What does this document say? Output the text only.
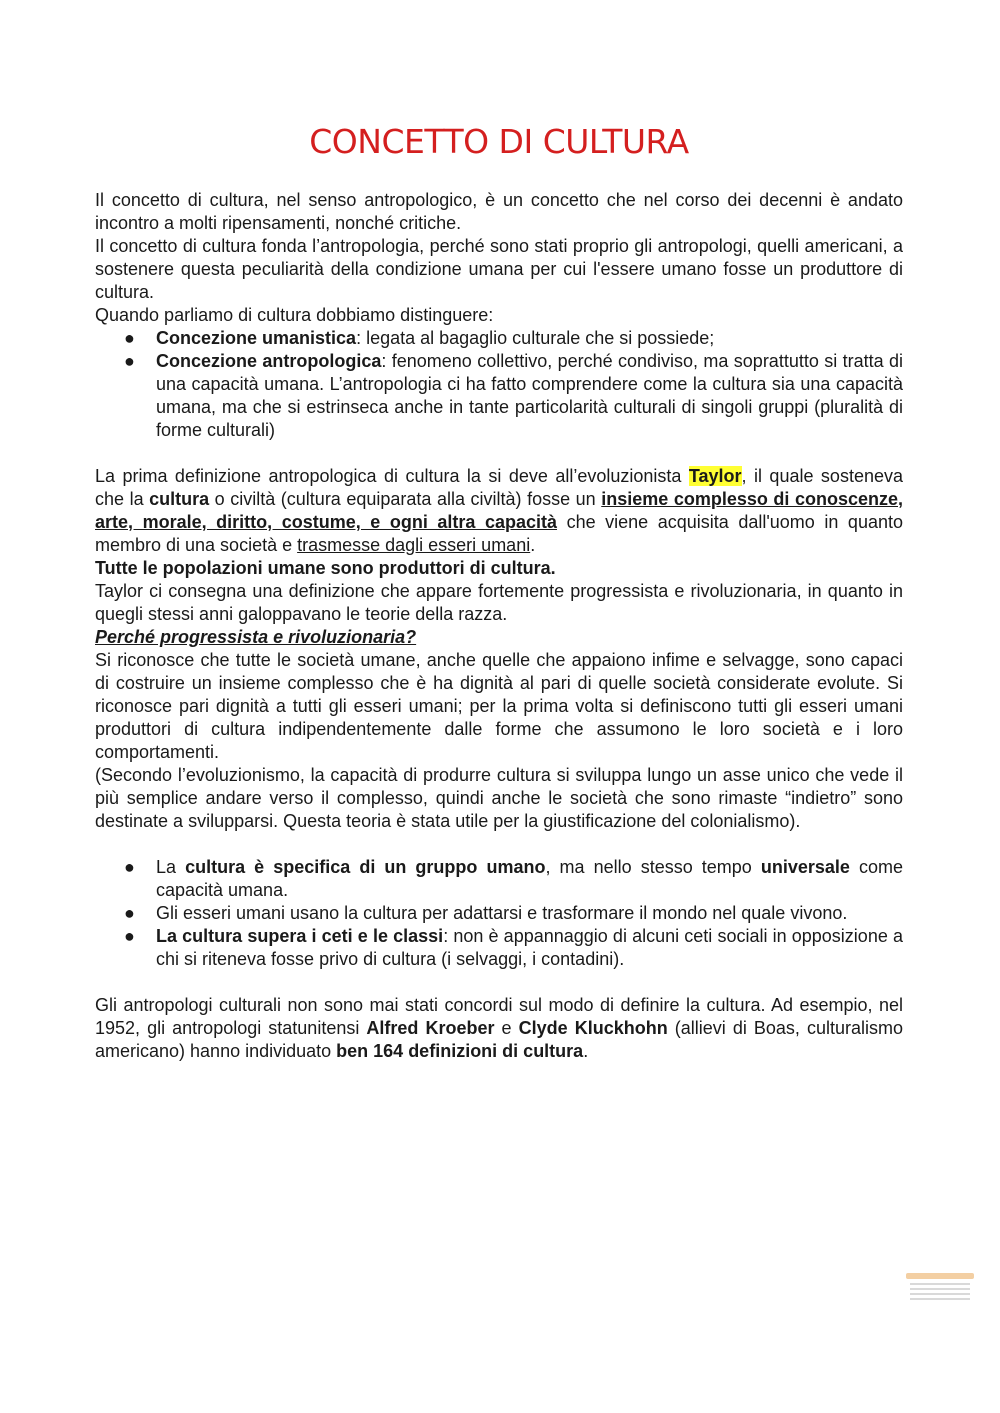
CONCETTO DI CULTURA

Il concetto di cultura, nel senso antropologico, è un concetto che nel corso dei decenni è andato incontro a molti ripensamenti, nonché critiche.

Il concetto di cultura fonda l’antropologia, perché sono stati proprio gli antropologi, quelli americani, a sostenere questa peculiarità della condizione umana per cui l'essere umano fosse un produttore di cultura.

Quando parliamo di cultura dobbiamo distinguere:

● Concezione umanistica: legata al bagaglio culturale che si possiede;
● Concezione antropologica: fenomeno collettivo, perché condiviso, ma soprattutto si tratta di una capacità umana. L’antropologia ci ha fatto comprendere come la cultura sia una capacità umana, ma che si estrinseca anche in tante particolarità culturali di singoli gruppi (pluralità di forme culturali)

La prima definizione antropologica di cultura la si deve all’evoluzionista Taylor, il quale sosteneva che la cultura o civiltà (cultura equiparata alla civiltà) fosse un insieme complesso di conoscenze, arte, morale, diritto, costume, e ogni altra capacità che viene acquisita dall'uomo in quanto membro di una società e trasmesse dagli esseri umani.

Tutte le popolazioni umane sono produttori di cultura.

Taylor ci consegna una definizione che appare fortemente progressista e rivoluzionaria, in quanto in quegli stessi anni galoppavano le teorie della razza.

Perché progressista e rivoluzionaria?

Si riconosce che tutte le società umane, anche quelle che appaiono infime e selvagge, sono capaci di costruire un insieme complesso che è ha dignità al pari di quelle società considerate evolute. Si riconosce pari dignità a tutti gli esseri umani; per la prima volta si definiscono tutti gli esseri umani produttori di cultura indipendentemente dalle forme che assumono le loro società e i loro comportamenti.

(Secondo l’evoluzionismo, la capacità di produrre cultura si sviluppa lungo un asse unico che vede il più semplice andare verso il complesso, quindi anche le società che sono rimaste “indietro” sono destinate a svilupparsi. Questa teoria è stata utile per la giustificazione del colonialismo).

● La cultura è specifica di un gruppo umano, ma nello stesso tempo universale come capacità umana.
● Gli esseri umani usano la cultura per adattarsi e trasformare il mondo nel quale vivono.
● La cultura supera i ceti e le classi: non è appannaggio di alcuni ceti sociali in opposizione a chi si riteneva fosse privo di cultura (i selvaggi, i contadini).

Gli antropologi culturali non sono mai stati concordi sul modo di definire la cultura. Ad esempio, nel 1952, gli antropologi statunitensi Alfred Kroeber e Clyde Kluckhohn (allievi di Boas, culturalismo americano) hanno individuato ben 164 definizioni di cultura.
